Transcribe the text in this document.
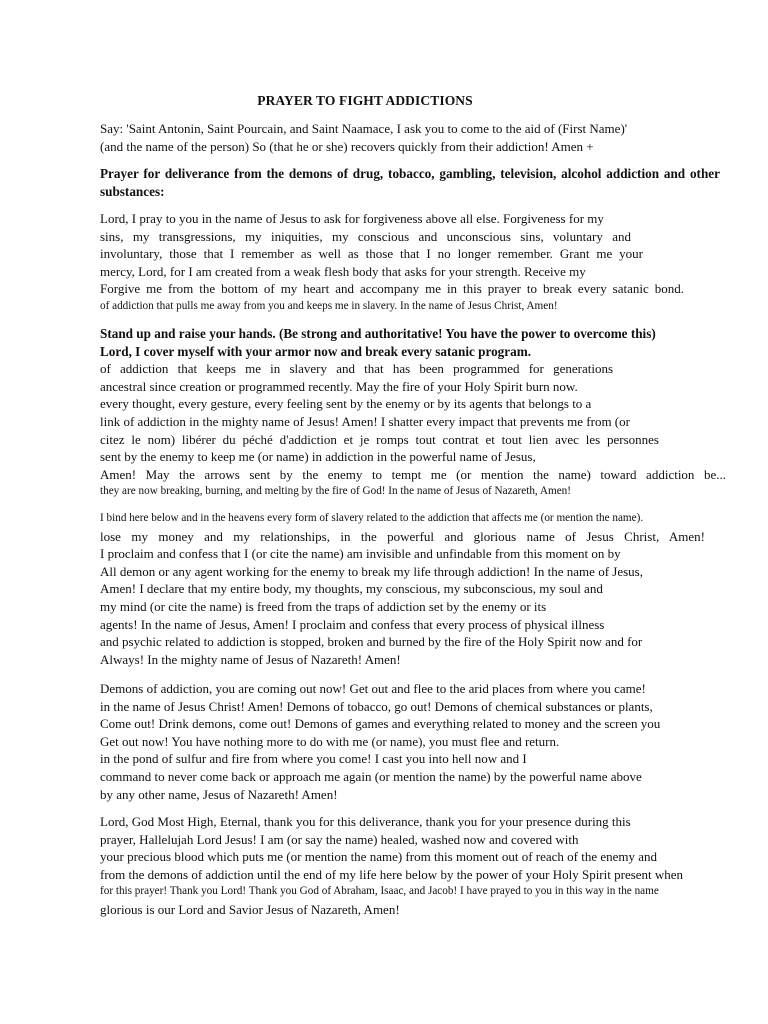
PRAYER TO FIGHT ADDICTIONS
Say: 'Saint Antonin, Saint Pourcain, and Saint Naamace, I ask you to come to the aid of (First Name)'
(and the name of the person) So (that he or she) recovers quickly from their addiction! Amen +
Prayer for deliverance from the demons of drug, tobacco, gambling, television, alcohol addiction and other substances:
Lord, I pray to you in the name of Jesus to ask for forgiveness above all else. Forgiveness for my
sins, my transgressions, my iniquities, my conscious and unconscious sins, voluntary and
involuntary, those that I remember as well as those that I no longer remember. Grant me your
mercy, Lord, for I am created from a weak flesh body that asks for your strength. Receive my
Forgive me from the bottom of my heart and accompany me in this prayer to break every satanic bond.
of addiction that pulls me away from you and keeps me in slavery. In the name of Jesus Christ, Amen!
Stand up and raise your hands. (Be strong and authoritative! You have the power to overcome this)
Lord, I cover myself with your armor now and break every satanic program.
of addiction that keeps me in slavery and that has been programmed for generations
ancestral since creation or programmed recently. May the fire of your Holy Spirit burn now.
every thought, every gesture, every feeling sent by the enemy or by its agents that belongs to a
link of addiction in the mighty name of Jesus! Amen! I shatter every impact that prevents me from (or
citez le nom) libérer du péché d'addiction et je romps tout contrat et tout lien avec les personnes
sent by the enemy to keep me (or name) in addiction in the powerful name of Jesus,
Amen! May the arrows sent by the enemy to tempt me (or mention the name) toward addiction be...
they are now breaking, burning, and melting by the fire of God! In the name of Jesus of Nazareth, Amen!
I bind here below and in the heavens every form of slavery related to the addiction that affects me (or mention the name).
lose my money and my relationships, in the powerful and glorious name of Jesus Christ, Amen!
I proclaim and confess that I (or cite the name) am invisible and unfindable from this moment on by
All demon or any agent working for the enemy to break my life through addiction! In the name of Jesus,
Amen! I declare that my entire body, my thoughts, my conscious, my subconscious, my soul and
my mind (or cite the name) is freed from the traps of addiction set by the enemy or its
agents! In the name of Jesus, Amen! I proclaim and confess that every process of physical illness
and psychic related to addiction is stopped, broken and burned by the fire of the Holy Spirit now and for
Always! In the mighty name of Jesus of Nazareth! Amen!
Demons of addiction, you are coming out now! Get out and flee to the arid places from where you came!
in the name of Jesus Christ! Amen! Demons of tobacco, go out! Demons of chemical substances or plants,
Come out! Drink demons, come out! Demons of games and everything related to money and the screen you
Get out now! You have nothing more to do with me (or name), you must flee and return.
in the pond of sulfur and fire from where you come! I cast you into hell now and I
command to never come back or approach me again (or mention the name) by the powerful name above
by any other name, Jesus of Nazareth! Amen!
Lord, God Most High, Eternal, thank you for this deliverance, thank you for your presence during this
prayer, Hallelujah Lord Jesus! I am (or say the name) healed, washed now and covered with
your precious blood which puts me (or mention the name) from this moment out of reach of the enemy and
from the demons of addiction until the end of my life here below by the power of your Holy Spirit present when
for this prayer! Thank you Lord! Thank you God of Abraham, Isaac, and Jacob! I have prayed to you in this way in the name
glorious is our Lord and Savior Jesus of Nazareth, Amen!
